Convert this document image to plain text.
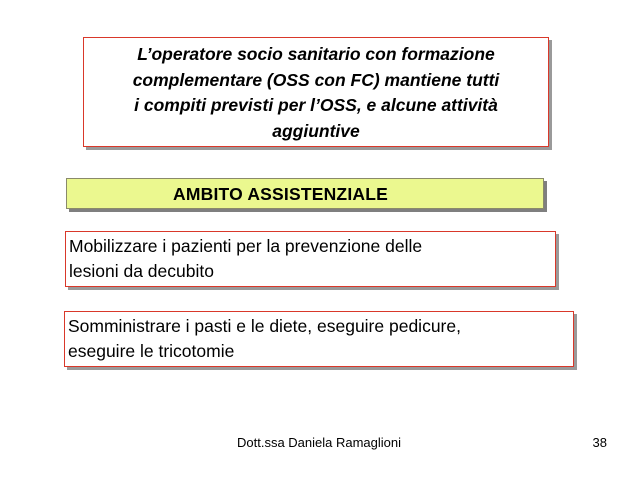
L’operatore socio sanitario con formazione
complementare (OSS con FC) mantiene tutti
i compiti previsti per l’OSS, e alcune attività
aggiuntive
AMBITO ASSISTENZIALE
Mobilizzare i pazienti per la prevenzione delle
lesioni da decubito
Somministrare i pasti e le diete, eseguire pedicure,
eseguire le tricotomie
Dott.ssa Daniela Ramaglioni	38
